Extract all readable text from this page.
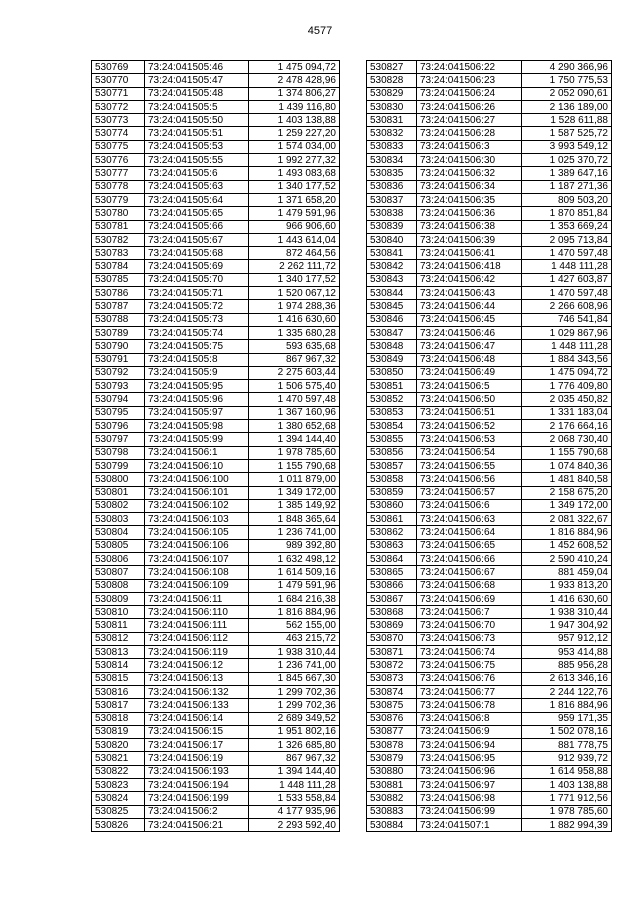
4577
530769	73:24:041505:46	1 475 094,72
530770	73:24:041505:47	2 478 428,96
530771	73:24:041505:48	1 374 806,27
530772	73:24:041505:5	1 439 116,80
530773	73:24:041505:50	1 403 138,88
530774	73:24:041505:51	1 259 227,20
530775	73:24:041505:53	1 574 034,00
530776	73:24:041505:55	1 992 277,32
530777	73:24:041505:6	1 493 083,68
530778	73:24:041505:63	1 340 177,52
530779	73:24:041505:64	1 371 658,20
530780	73:24:041505:65	1 479 591,96
530781	73:24:041505:66	966 906,60
530782	73:24:041505:67	1 443 614,04
530783	73:24:041505:68	872 464,56
530784	73:24:041505:69	2 262 111,72
530785	73:24:041505:70	1 340 177,52
530786	73:24:041505:71	1 520 067,12
530787	73:24:041505:72	1 974 288,36
530788	73:24:041505:73	1 416 630,60
530789	73:24:041505:74	1 335 680,28
530790	73:24:041505:75	593 635,68
530791	73:24:041505:8	867 967,32
530792	73:24:041505:9	2 275 603,44
530793	73:24:041505:95	1 506 575,40
530794	73:24:041505:96	1 470 597,48
530795	73:24:041505:97	1 367 160,96
530796	73:24:041505:98	1 380 652,68
530797	73:24:041505:99	1 394 144,40
530798	73:24:041506:1	1 978 785,60
530799	73:24:041506:10	1 155 790,68
530800	73:24:041506:100	1 011 879,00
530801	73:24:041506:101	1 349 172,00
530802	73:24:041506:102	1 385 149,92
530803	73:24:041506:103	1 848 365,64
530804	73:24:041506:105	1 236 741,00
530805	73:24:041506:106	989 392,80
530806	73:24:041506:107	1 632 498,12
530807	73:24:041506:108	1 614 509,16
530808	73:24:041506:109	1 479 591,96
530809	73:24:041506:11	1 684 216,38
530810	73:24:041506:110	1 816 884,96
530811	73:24:041506:111	562 155,00
530812	73:24:041506:112	463 215,72
530813	73:24:041506:119	1 938 310,44
530814	73:24:041506:12	1 236 741,00
530815	73:24:041506:13	1 845 667,30
530816	73:24:041506:132	1 299 702,36
530817	73:24:041506:133	1 299 702,36
530818	73:24:041506:14	2 689 349,52
530819	73:24:041506:15	1 951 802,16
530820	73:24:041506:17	1 326 685,80
530821	73:24:041506:19	867 967,32
530822	73:24:041506:193	1 394 144,40
530823	73:24:041506:194	1 448 111,28
530824	73:24:041506:199	1 533 558,84
530825	73:24:041506:2	4 177 935,96
530826	73:24:041506:21	2 293 592,40
530827	73:24:041506:22	4 290 366,96
530828	73:24:041506:23	1 750 775,53
530829	73:24:041506:24	2 052 090,61
530830	73:24:041506:26	2 136 189,00
530831	73:24:041506:27	1 528 611,88
530832	73:24:041506:28	1 587 525,72
530833	73:24:041506:3	3 993 549,12
530834	73:24:041506:30	1 025 370,72
530835	73:24:041506:32	1 389 647,16
530836	73:24:041506:34	1 187 271,36
530837	73:24:041506:35	809 503,20
530838	73:24:041506:36	1 870 851,84
530839	73:24:041506:38	1 353 669,24
530840	73:24:041506:39	2 095 713,84
530841	73:24:041506:41	1 470 597,48
530842	73:24:041506:418	1 448 111,28
530843	73:24:041506:42	1 427 603,87
530844	73:24:041506:43	1 470 597,48
530845	73:24:041506:44	2 266 608,96
530846	73:24:041506:45	746 541,84
530847	73:24:041506:46	1 029 867,96
530848	73:24:041506:47	1 448 111,28
530849	73:24:041506:48	1 884 343,56
530850	73:24:041506:49	1 475 094,72
530851	73:24:041506:5	1 776 409,80
530852	73:24:041506:50	2 035 450,82
530853	73:24:041506:51	1 331 183,04
530854	73:24:041506:52	2 176 664,16
530855	73:24:041506:53	2 068 730,40
530856	73:24:041506:54	1 155 790,68
530857	73:24:041506:55	1 074 840,36
530858	73:24:041506:56	1 481 840,58
530859	73:24:041506:57	2 158 675,20
530860	73:24:041506:6	1 349 172,00
530861	73:24:041506:63	2 081 322,67
530862	73:24:041506:64	1 816 884,96
530863	73:24:041506:65	1 452 608,52
530864	73:24:041506:66	2 590 410,24
530865	73:24:041506:67	881 459,04
530866	73:24:041506:68	1 933 813,20
530867	73:24:041506:69	1 416 630,60
530868	73:24:041506:7	1 938 310,44
530869	73:24:041506:70	1 947 304,92
530870	73:24:041506:73	957 912,12
530871	73:24:041506:74	953 414,88
530872	73:24:041506:75	885 956,28
530873	73:24:041506:76	2 613 346,16
530874	73:24:041506:77	2 244 122,76
530875	73:24:041506:78	1 816 884,96
530876	73:24:041506:8	959 171,35
530877	73:24:041506:9	1 502 078,16
530878	73:24:041506:94	881 778,75
530879	73:24:041506:95	912 939,72
530880	73:24:041506:96	1 614 958,88
530881	73:24:041506:97	1 403 138,88
530882	73:24:041506:98	1 771 912,56
530883	73:24:041506:99	1 978 785,60
530884	73:24:041507:1	1 882 994,39
